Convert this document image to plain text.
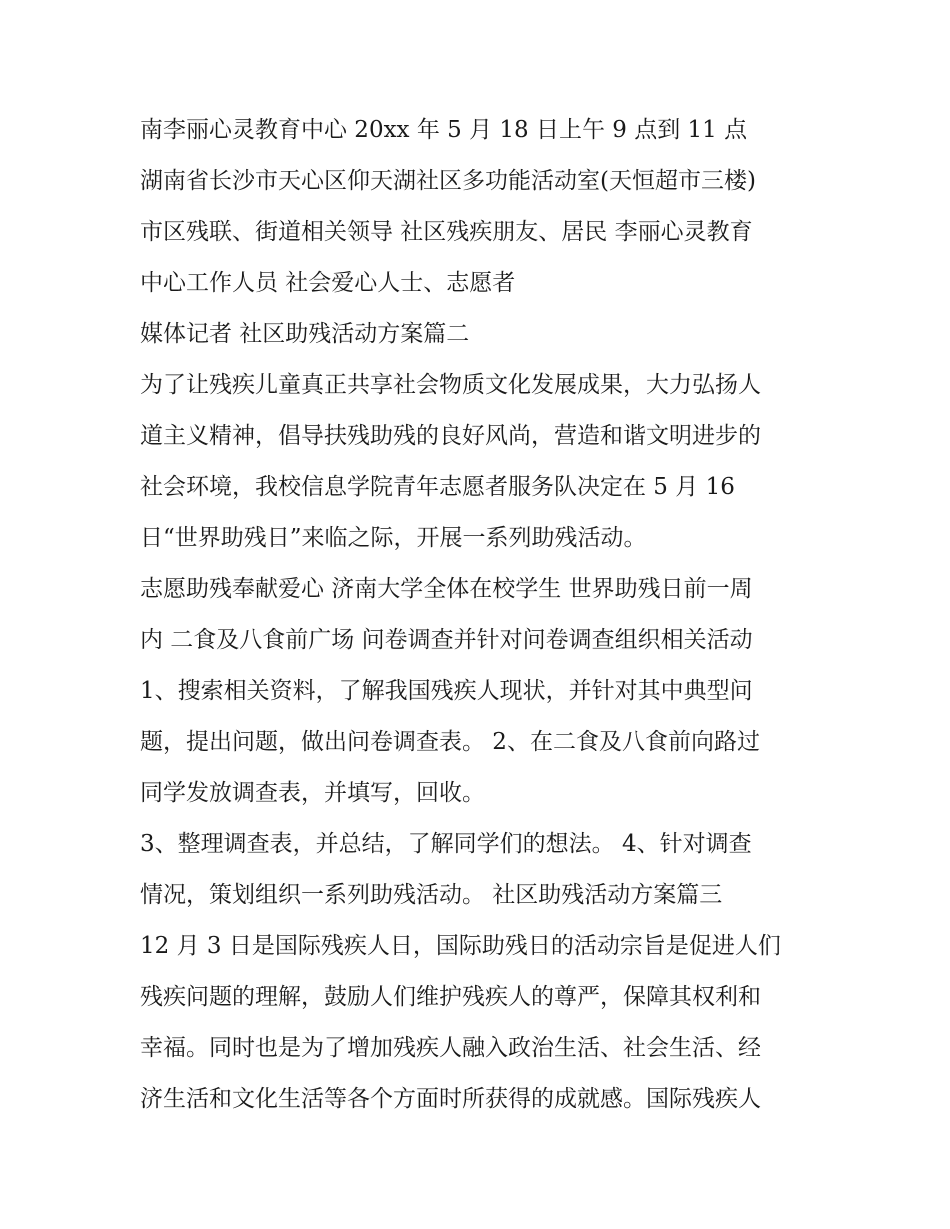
南李丽心灵教育中心 20xx 年 5 月 18 日上午 9 点到 11 点
湖南省长沙市天心区仰天湖社区多功能活动室(天恒超市三楼)
市区残联、街道相关领导 社区残疾朋友、居民 李丽心灵教育
中心工作人员 社会爱心人士、志愿者
媒体记者 社区助残活动方案篇二
为了让残疾儿童真正共享社会物质文化发展成果，大力弘扬人
道主义精神，倡导扶残助残的良好风尚，营造和谐文明进步的
社会环境，我校信息学院青年志愿者服务队决定在 5 月 16
日“世界助残日”来临之际，开展一系列助残活动。
志愿助残奉献爱心 济南大学全体在校学生 世界助残日前一周
内 二食及八食前广场 问卷调查并针对问卷调查组织相关活动
1、搜索相关资料，了解我国残疾人现状，并针对其中典型问
题，提出问题，做出问卷调查表。 2、在二食及八食前向路过
同学发放调查表，并填写，回收。
3、整理调查表，并总结，了解同学们的想法。 4、针对调查
情况，策划组织一系列助残活动。 社区助残活动方案篇三
12 月 3 日是国际残疾人日，国际助残日的活动宗旨是促进人们
残疾问题的理解，鼓励人们维护残疾人的尊严，保障其权利和
幸福。同时也是为了增加残疾人融入政治生活、社会生活、经
济生活和文化生活等各个方面时所获得的成就感。国际残疾人
